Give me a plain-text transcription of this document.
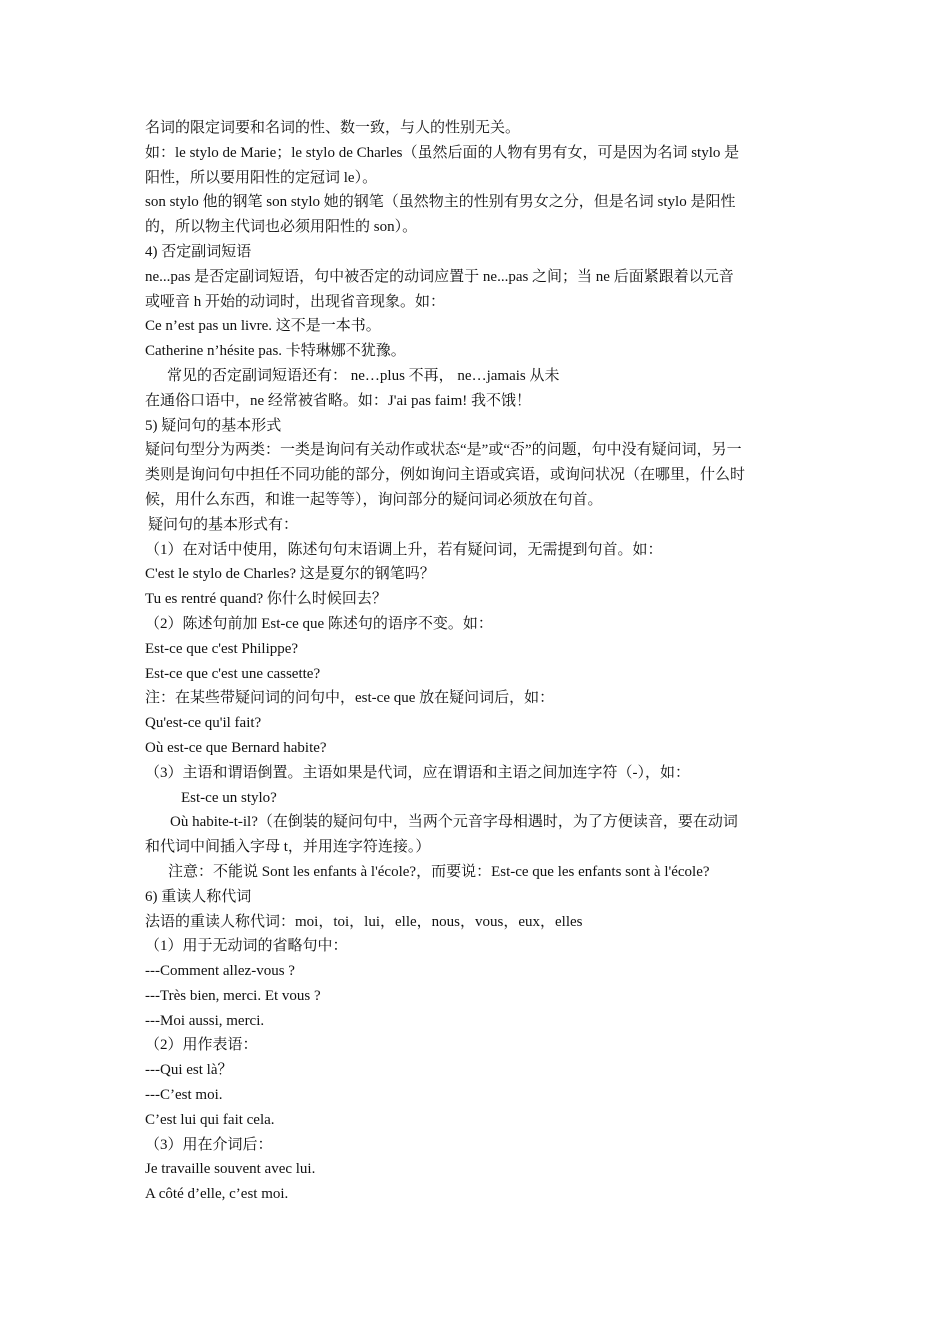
名词的限定词要和名词的性、数一致，与人的性别无关。
如：le stylo de Marie；le stylo de Charles（虽然后面的人物有男有女，可是因为名词 stylo 是
阳性，所以要用阳性的定冠词 le）。
son stylo 他的钢笔 son stylo 她的钢笔（虽然物主的性别有男女之分，但是名词 stylo 是阳性
的，所以物主代词也必须用阳性的 son）。
4) 否定副词短语
ne...pas 是否定副词短语，句中被否定的动词应置于 ne...pas 之间；当 ne 后面紧跟着以元音
或哑音 h 开始的动词时，出现省音现象。如：
Ce n’est pas un livre. 这不是一本书。
Catherine n’hésite pas. 卡特琳娜不犹豫。
常见的否定副词短语还有： ne…plus 不再， ne…jamais 从未
在通俗口语中，ne 经常被省略。如：J'ai pas faim! 我不饿！
5) 疑问句的基本形式
疑问句型分为两类：一类是询问有关动作或状态“是”或“否”的问题，句中没有疑问词，另一
类则是询问句中担任不同功能的部分，例如询问主语或宾语，或询问状况（在哪里，什么时
候，用什么东西，和谁一起等等），询问部分的疑问词必须放在句首。
疑问句的基本形式有：
（1）在对话中使用，陈述句句末语调上升，若有疑问词，无需提到句首。如：
C'est le stylo de Charles? 这是夏尔的钢笔吗？
Tu es rentré quand? 你什么时候回去？
（2）陈述句前加 Est-ce que 陈述句的语序不变。如：
Est-ce que c'est Philippe?
Est-ce que c'est une cassette?
注：在某些带疑问词的问句中，est-ce que 放在疑问词后，如：
Qu'est-ce qu'il fait?
Où est-ce que Bernard habite?
（3）主语和谓语倒置。主语如果是代词，应在谓语和主语之间加连字符（-），如：
Est-ce un stylo?
Où habite-t-il?（在倒装的疑问句中，当两个元音字母相遇时，为了方便读音，要在动词
和代词中间插入字母 t，并用连字符连接。）
注意：不能说 Sont les enfants à l'école?，而要说：Est-ce que les enfants sont à l'école?
6) 重读人称代词
法语的重读人称代词：moi，toi，lui，elle，nous，vous，eux，elles
（1）用于无动词的省略句中：
---Comment allez-vous ?
---Très bien, merci. Et vous ?
---Moi aussi, merci.
（2）用作表语：
---Qui est là？
---C’est moi.
C’est lui qui fait cela.
（3）用在介词后：
Je travaille souvent avec lui.
A côté d’elle, c’est moi.
